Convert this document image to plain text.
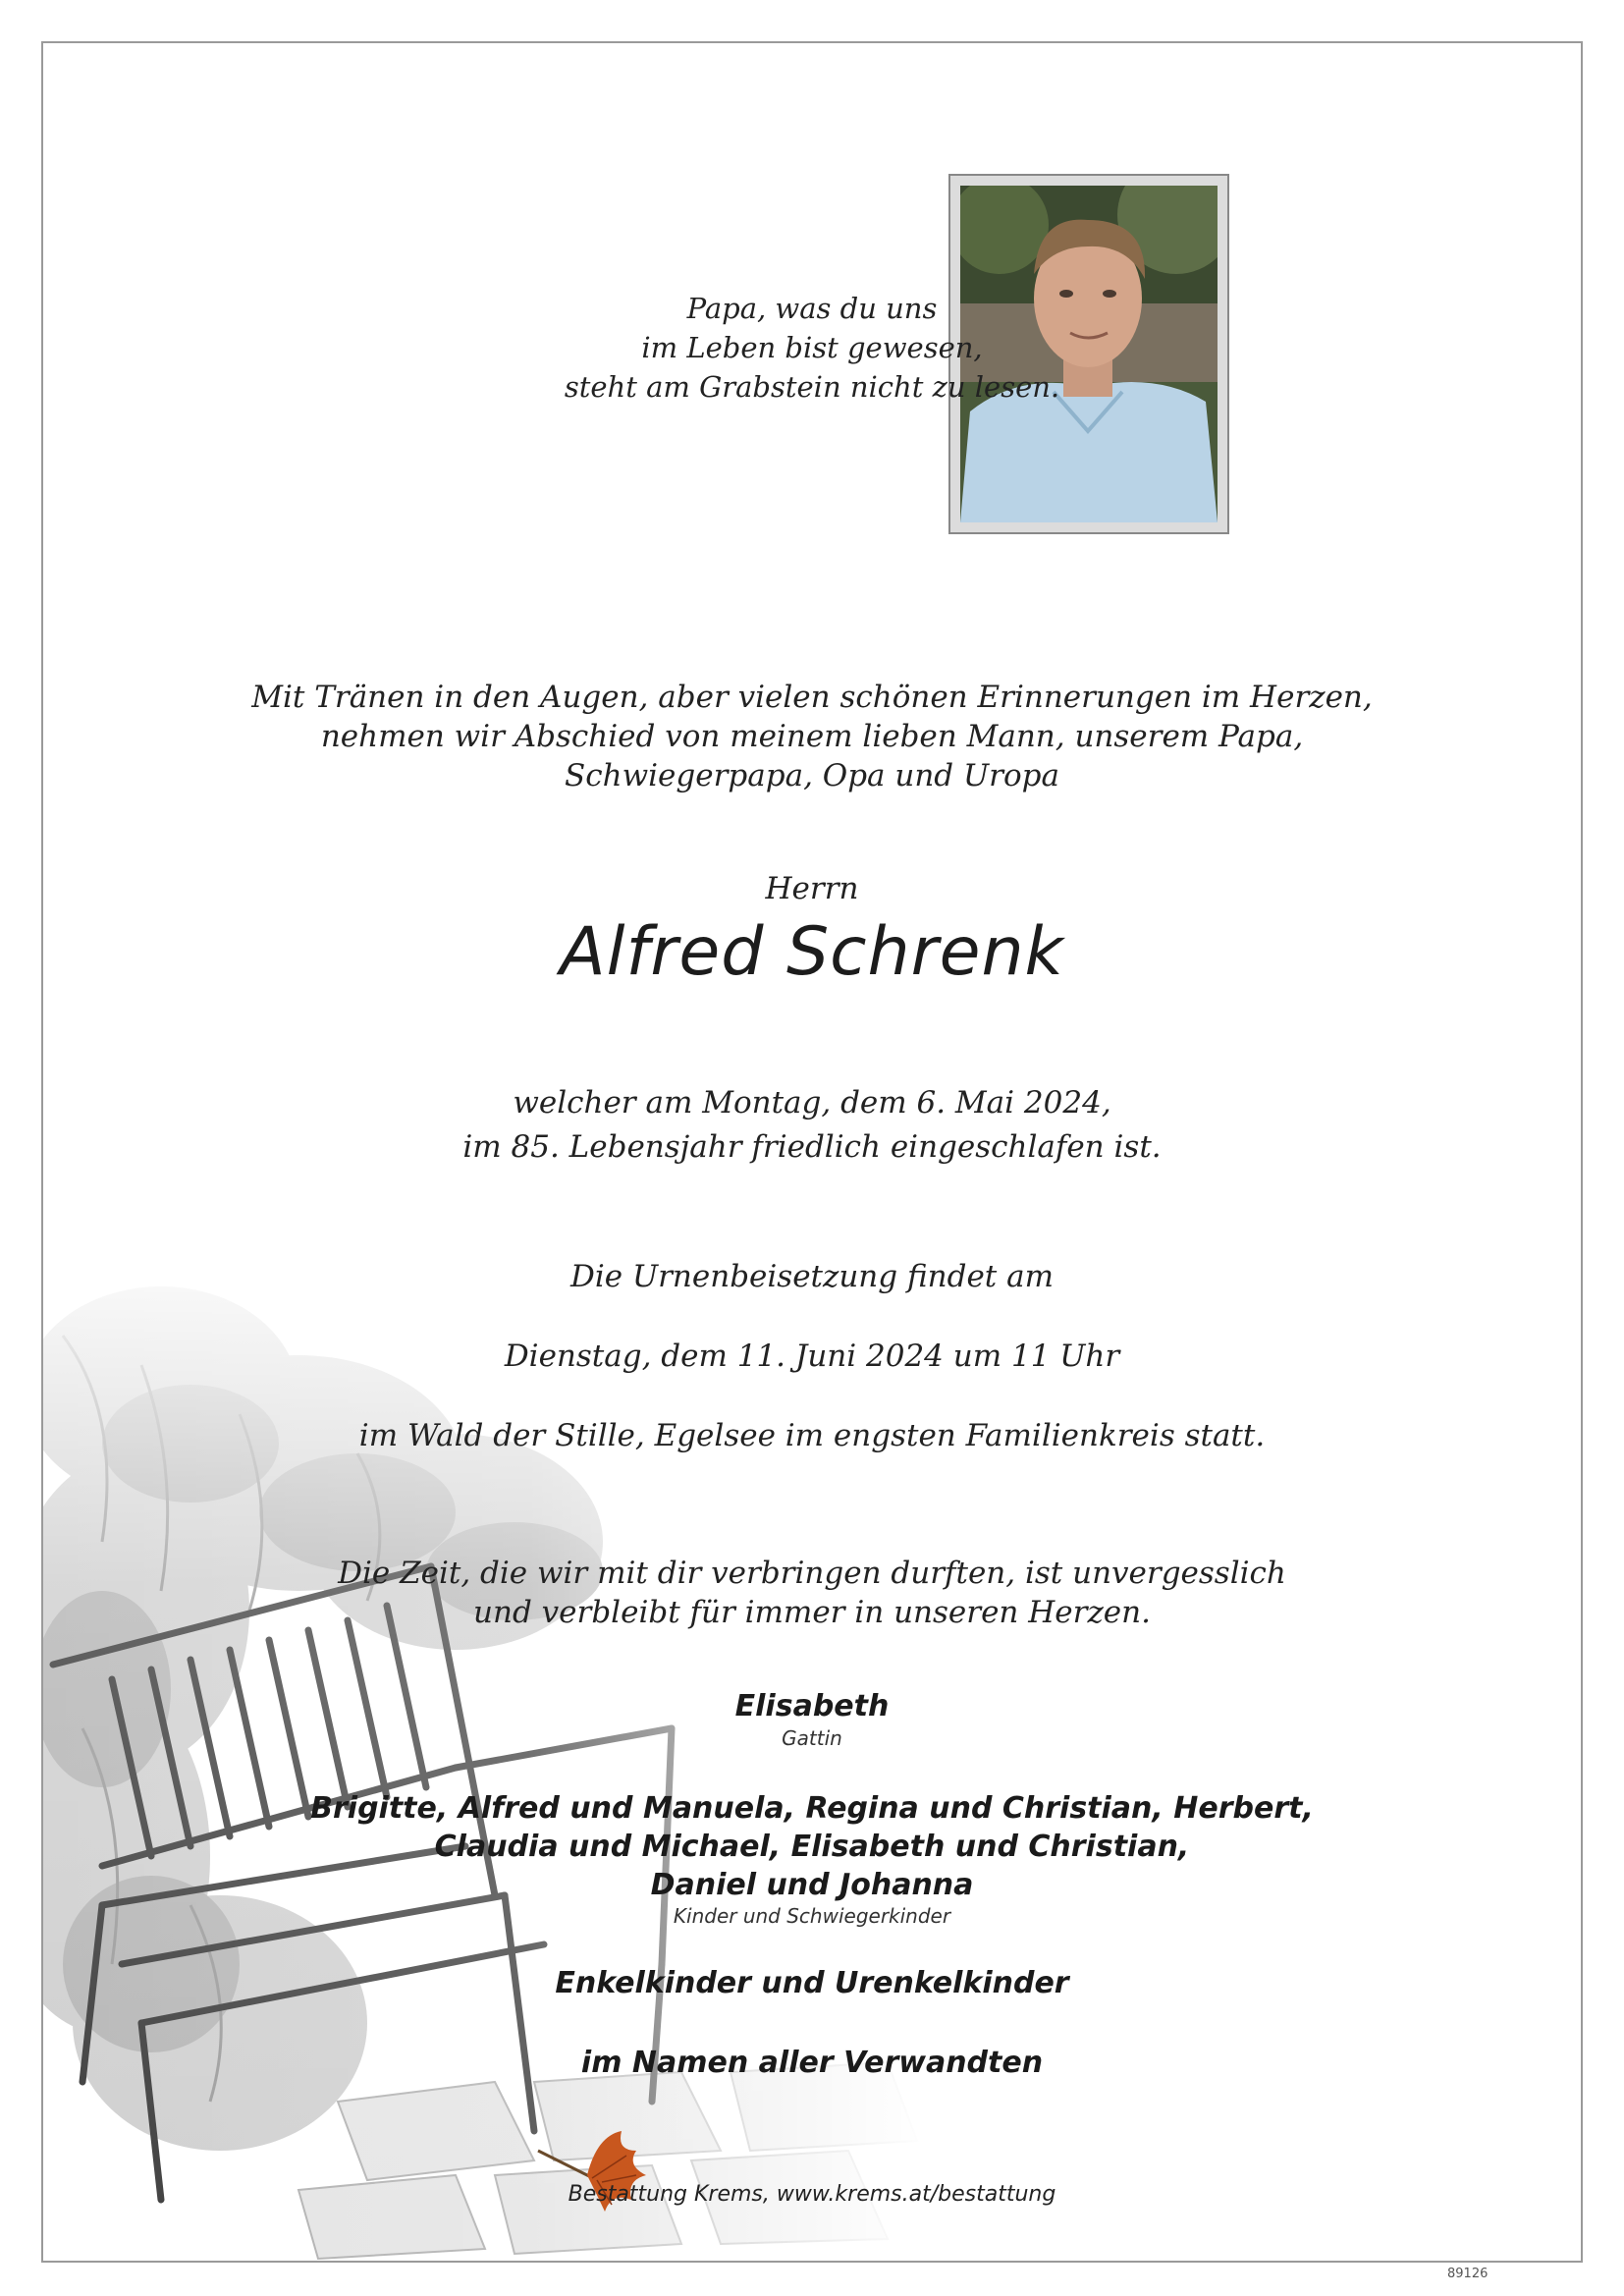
Papa, was du uns
im Leben bist gewesen,
steht am Grabstein nicht zu lesen.
Mit Tränen in den Augen, aber vielen schönen Erinnerungen im Herzen,
nehmen wir Abschied von meinem lieben Mann, unserem Papa,
Schwiegerpapa, Opa und Uropa
Herrn
Alfred Schrenk
welcher am Montag, dem 6. Mai 2024,
im 85. Lebensjahr friedlich eingeschlafen ist.
Die Urnenbeisetzung findet am
Dienstag, dem 11. Juni 2024 um 11 Uhr
im Wald der Stille, Egelsee im engsten Familienkreis statt.
Die Zeit, die wir mit dir verbringen durften, ist unvergesslich
und verbleibt für immer in unseren Herzen.
Elisabeth
Gattin
Brigitte, Alfred und Manuela, Regina und Christian, Herbert,
Claudia und Michael, Elisabeth und Christian,
Daniel und Johanna
Kinder und Schwiegerkinder
Enkelkinder und Urenkelkinder
im Namen aller Verwandten
Bestattung Krems, www.krems.at/bestattung
89126
